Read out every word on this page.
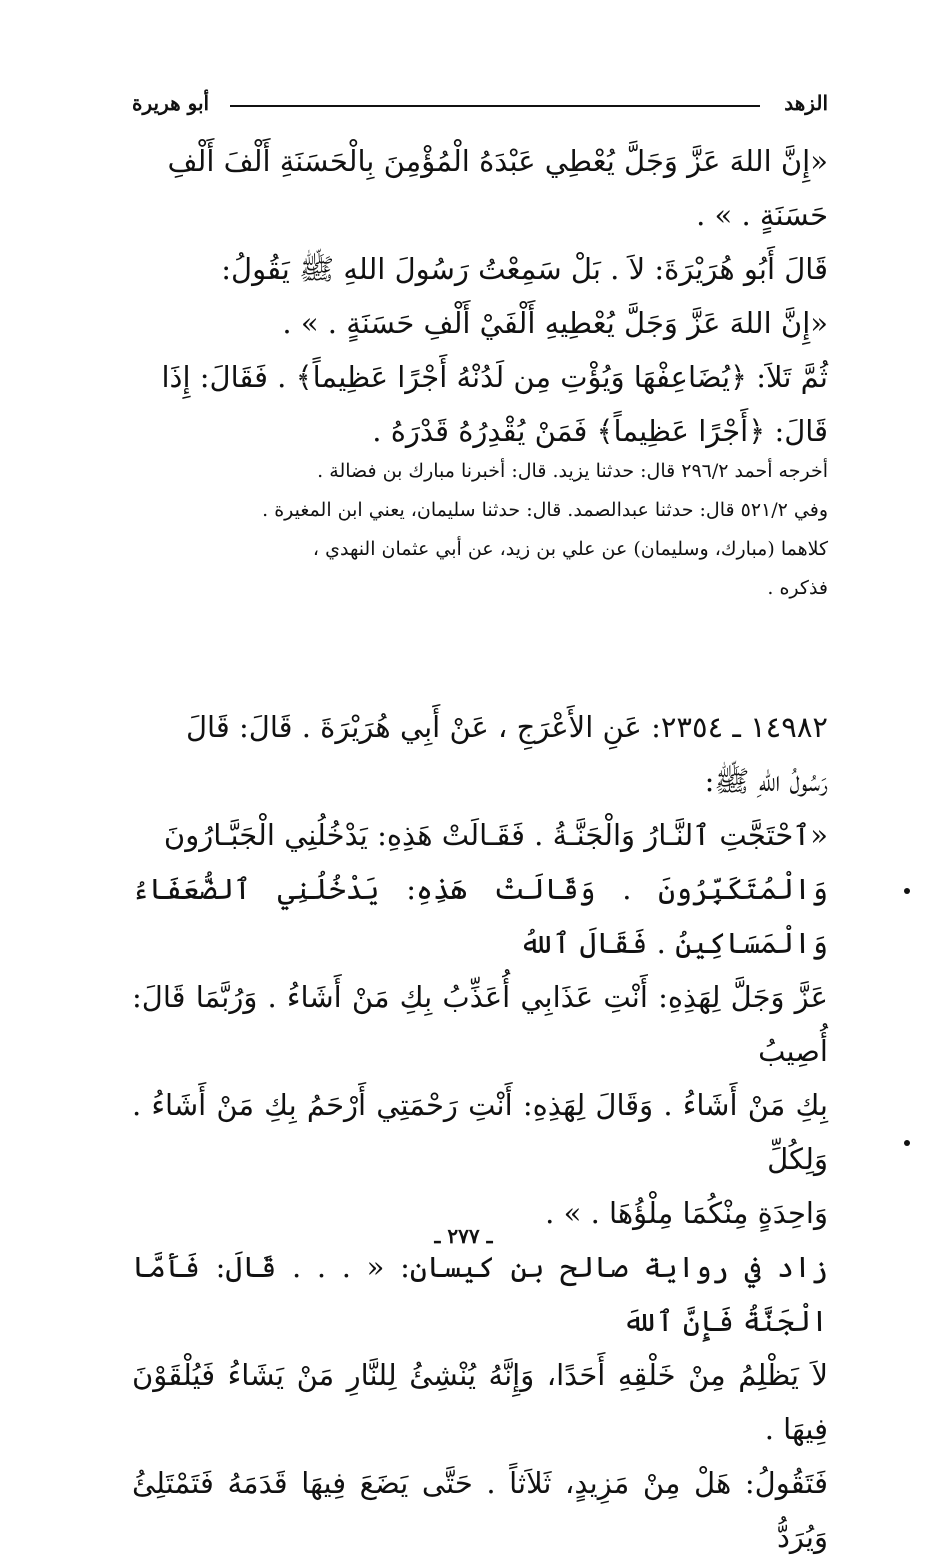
الزهد
أبو هريرة
«إِنَّ اللهَ عَزَّ وَجَلَّ يُعْطِي عَبْدَهُ الْمُؤْمِنَ بِالْحَسَنَةِ أَلْفَ أَلْفِ
حَسَنَةٍ . » .
قَالَ أَبُو هُرَيْرَةَ: لاَ . بَلْ سَمِعْتُ رَسُولَ اللهِ ﷺ يَقُولُ:
«إِنَّ اللهَ عَزَّ وَجَلَّ يُعْطِيهِ أَلْفَيْ أَلْفِ حَسَنَةٍ . » .
ثُمَّ تَلاَ: ﴿يُضَاعِفْهَا وَيُؤْتِ مِن لَدُنْهُ أَجْرًا عَظِيماً﴾ . فَقَالَ: إِذَا
قَالَ: ﴿أَجْرًا عَظِيماً﴾ فَمَنْ يُقْدِرُهُ قَدْرَهُ .
أخرجه أحمد ٢٩٦/٢ قال: حدثنا يزيد. قال: أخبرنا مبارك بن فضالة .
وفي ٥٢١/٢ قال: حدثنا عبدالصمد. قال: حدثنا سليمان، يعني ابن المغيرة .
كلاهما (مبارك، وسليمان) عن علي بن زيد، عن أبي عثمان النهدي ،
فذكره .
١٤٩٨٢ ـ ٢٣٥٤: عَنِ الأَعْرَجِ ، عَنْ أَبِي هُرَيْرَةَ . قَالَ: قَالَ
رَسُولُ اللهِ ﷺ:
«ٱحْتَجَّتِ ٱلنَّـارُ وَالْجَنَّـةُ . فَقَـالَتْ هَذِهِ: يَدْخُلُنِي الْجَبَّـارُونَ
وَالْمُتَكَبِّرُونَ . وَقَالَتْ هَذِهِ: يَدْخُلُنِي ٱلضُّعَفَاءُ وَالْمَسَاكِينُ . فَقَالَ ٱللهُ
عَزَّ وَجَلَّ لِهَذِهِ: أَنْتِ عَذَابِي أُعَذِّبُ بِكِ مَنْ أَشَاءُ . وَرُبَّمَا قَالَ: أُصِيبُ
بِكِ مَنْ أَشَاءُ . وَقَالَ لِهَذِهِ: أَنْتِ رَحْمَتِي أَرْحَمُ بِكِ مَنْ أَشَاءُ . وَلِكُلِّ
وَاحِدَةٍ مِنْكُمَا مِلْؤُهَا . » .
زاد في رواية صالح بن كيسان: « . . . قَالَ: فَأَمَّا الْجَنَّةُ فَإِنَّ ٱللهَ
لاَ يَظْلِمُ مِنْ خَلْقِهِ أَحَدًا، وَإِنَّهُ يُنْشِئُ لِلنَّارِ مَنْ يَشَاءُ فَيُلْقَوْنَ فِيهَا .
فَتَقُولُ: هَلْ مِنْ مَزِيدٍ، ثَلاَثاً . حَتَّى يَضَعَ فِيهَا قَدَمَهُ فَتَمْتَلِئُ وَيُرَدُّ
ـ ٢٧٧ ـ
